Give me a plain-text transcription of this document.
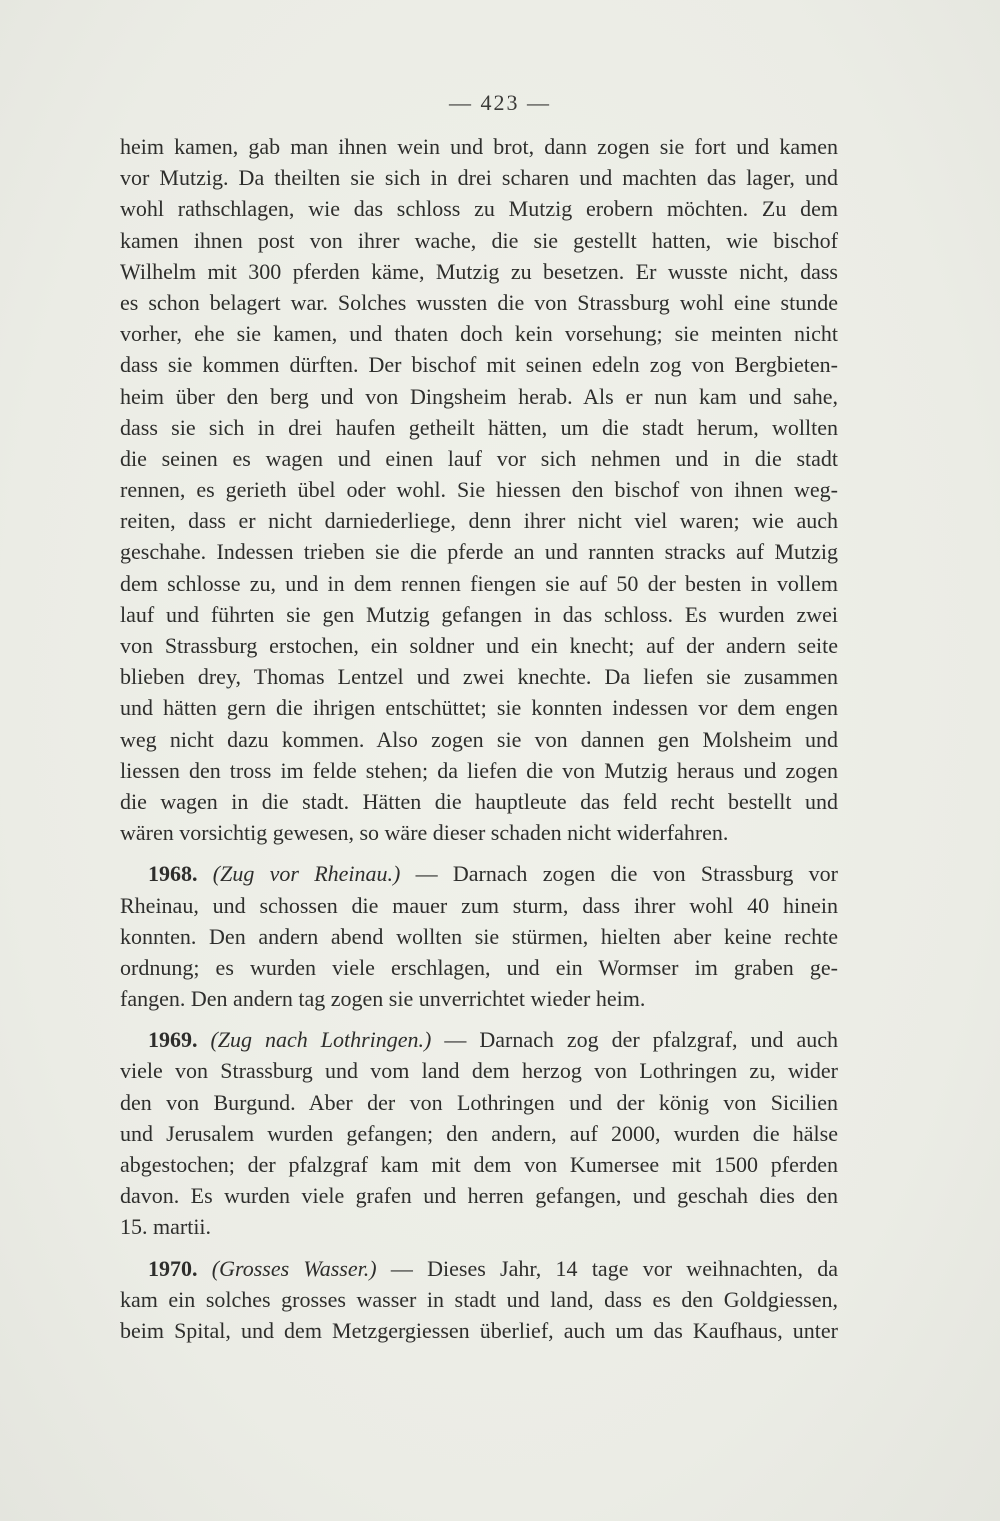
— 423 —
heim kamen, gab man ihnen wein und brot, dann zogen sie fort und kamen
vor Mutzig. Da theilten sie sich in drei scharen und machten das lager, und
wohl rathschlagen, wie das schloss zu Mutzig erobern möchten. Zu dem
kamen ihnen post von ihrer wache, die sie gestellt hatten, wie bischof
Wilhelm mit 300 pferden käme, Mutzig zu besetzen. Er wusste nicht, dass
es schon belagert war. Solches wussten die von Strassburg wohl eine stunde
vorher, ehe sie kamen, und thaten doch kein vorsehung; sie meinten nicht
dass sie kommen dürften. Der bischof mit seinen edeln zog von Bergbieten-
heim über den berg und von Dingsheim herab. Als er nun kam und sahe,
dass sie sich in drei haufen getheilt hätten, um die stadt herum, wollten
die seinen es wagen und einen lauf vor sich nehmen und in die stadt
rennen, es gerieth übel oder wohl. Sie hiessen den bischof von ihnen weg-
reiten, dass er nicht darniederliege, denn ihrer nicht viel waren; wie auch
geschahe. Indessen trieben sie die pferde an und rannten stracks auf Mutzig
dem schlosse zu, und in dem rennen fiengen sie auf 50 der besten in vollem
lauf und führten sie gen Mutzig gefangen in das schloss. Es wurden zwei
von Strassburg erstochen, ein soldner und ein knecht; auf der andern seite
blieben drey, Thomas Lentzel und zwei knechte. Da liefen sie zusammen
und hätten gern die ihrigen entschüttet; sie konnten indessen vor dem engen
weg nicht dazu kommen. Also zogen sie von dannen gen Molsheim und
liessen den tross im felde stehen; da liefen die von Mutzig heraus und zogen
die wagen in die stadt. Hätten die hauptleute das feld recht bestellt und
wären vorsichtig gewesen, so wäre dieser schaden nicht widerfahren.
1968. (Zug vor Rheinau.) — Darnach zogen die von Strassburg vor
Rheinau, und schossen die mauer zum sturm, dass ihrer wohl 40 hinein
konnten. Den andern abend wollten sie stürmen, hielten aber keine rechte
ordnung; es wurden viele erschlagen, und ein Wormser im graben ge-
fangen. Den andern tag zogen sie unverrichtet wieder heim.
1969. (Zug nach Lothringen.) — Darnach zog der pfalzgraf, und auch
viele von Strassburg und vom land dem herzog von Lothringen zu, wider
den von Burgund. Aber der von Lothringen und der könig von Sicilien
und Jerusalem wurden gefangen; den andern, auf 2000, wurden die hälse
abgestochen; der pfalzgraf kam mit dem von Kumersee mit 1500 pferden
davon. Es wurden viele grafen und herren gefangen, und geschah dies den
15. martii.
1970. (Grosses Wasser.) — Dieses Jahr, 14 tage vor weihnachten, da
kam ein solches grosses wasser in stadt und land, dass es den Goldgiessen,
beim Spital, und dem Metzgergiessen überlief, auch um das Kaufhaus, unter
